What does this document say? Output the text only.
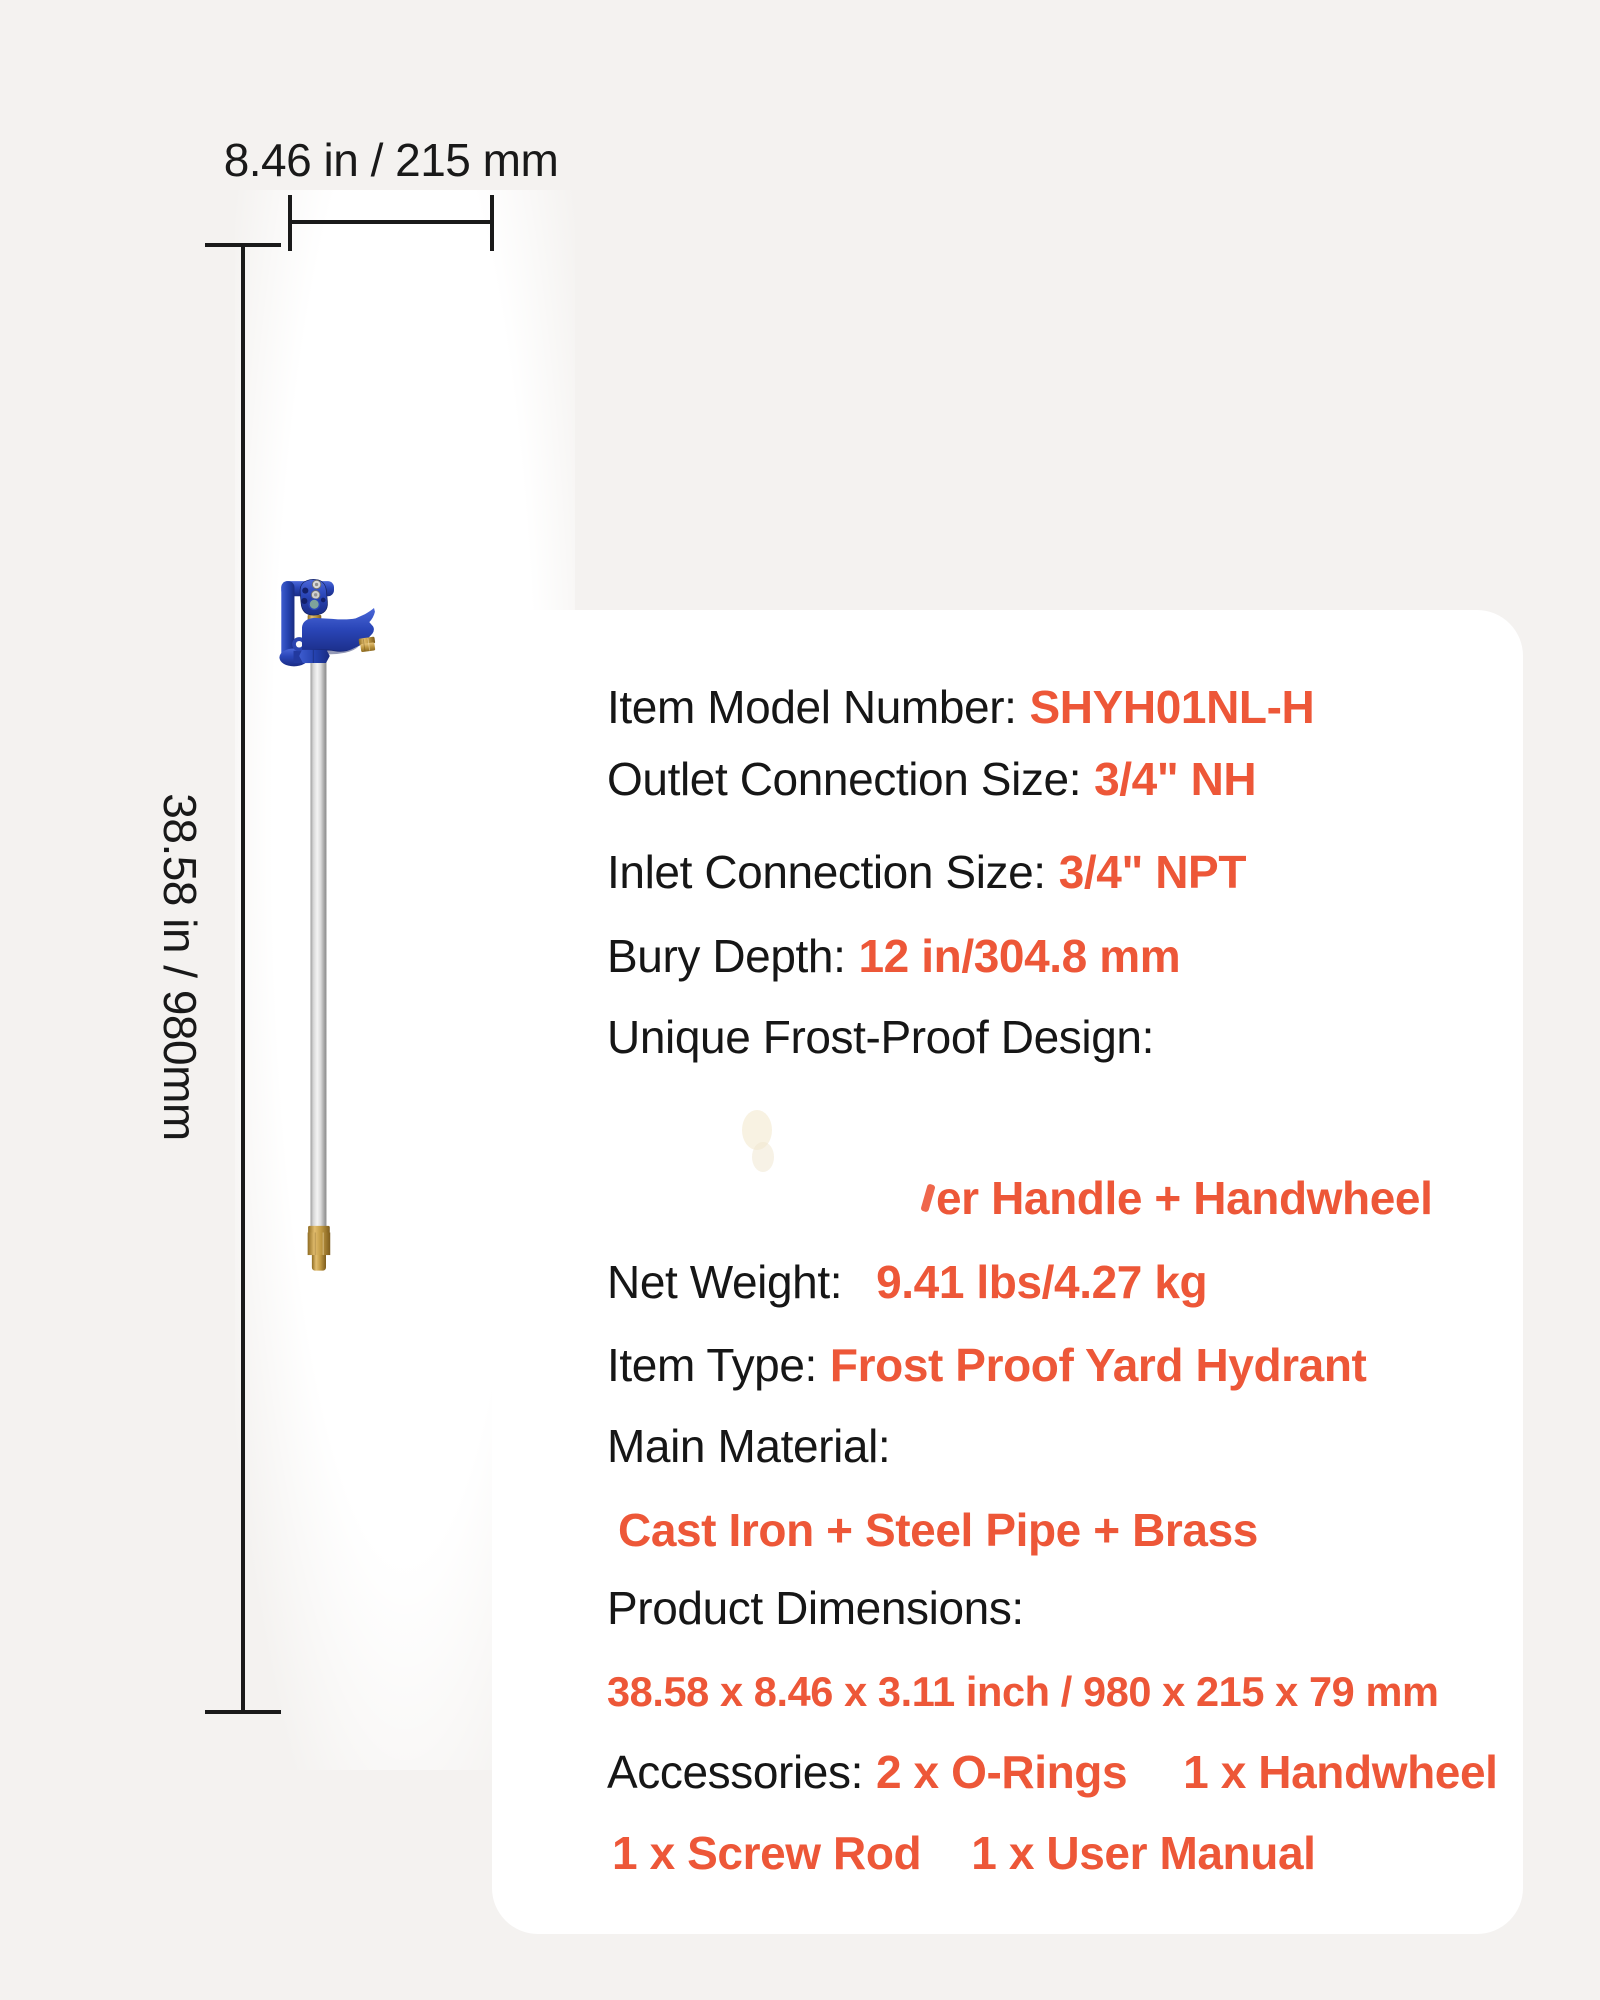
8.46 in / 215 mm
38.58 in / 980mm
Item Model Number: SHYH01NL-H
Outlet Connection Size: 3/4" NH
Inlet Connection Size: 3/4" NPT
Bury Depth: 12 in/304.8 mm
Unique Frost-Proof Design:
er Handle + Handwheel
Net Weight: 9.41 lbs/4.27 kg
Item Type: Frost Proof Yard Hydrant
Main Material:
Cast Iron + Steel Pipe + Brass
Product Dimensions:
38.58 x 8.46 x 3.11 inch / 980 x 215 x 79 mm
Accessories: 2 x O-Rings 1 x Handwheel
1 x Screw Rod 1 x User Manual
